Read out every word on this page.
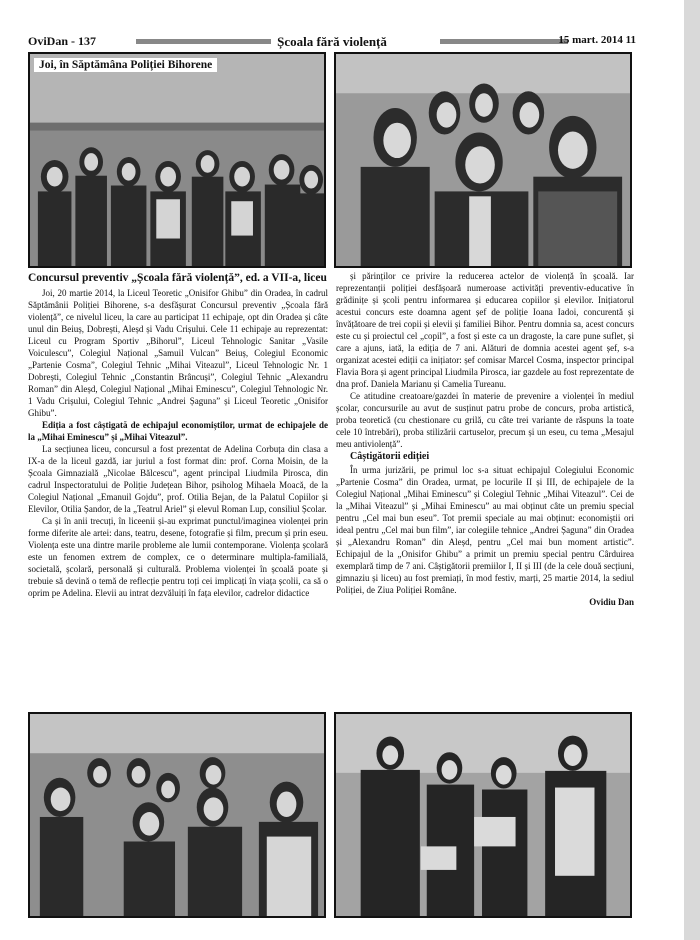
OviDan - 137	Școala fără violență	15 mart. 2014 11
Joi, în Săptămâna Poliției Bihorene
Concursul preventiv „Școala fără violență”, ed. a VII-a, liceu

Joi, 20 martie 2014, la Liceul Teoretic „Onisifor Ghibu” din Oradea, în cadrul Săptămânii Poliției Bihorene, s-a desfășurat Concursul preventiv „Școala fără violență”, ce nivelul liceu, la care au participat 11 echipaje, opt din Oradea și câte unul din Beiuș, Dobrești, Aleșd și Vadu Crișului. Cele 11 echipaje au reprezentat: Liceul cu Program Sportiv „Bihorul”, Liceul Tehnologic Sanitar „Vasile Voiculescu”, Colegiul Național „Samuil Vulcan” Beiuș, Colegiul Economic „Partenie Cosma”, Colegiul Tehnic „Mihai Viteazul”, Liceul Tehnologic Nr. 1 Dobrești, Colegiul Tehnic „Constantin Brâncuși”, Colegiul Tehnic „Alexandru Roman” din Aleșd, Colegiul Național „Mihai Eminescu”, Colegiul Tehnologic Nr. 1 Vadu Crișului, Colegiul Tehnic „Andrei Șaguna” și Liceul Teoretic „Onisifor Ghibu”.

Ediția a fost câștigată de echipajul economiștilor, urmat de echipajele de la „Mihai Eminescu” și „Mihai Viteazul”.

La secțiunea liceu, concursul a fost prezentat de Adelina Corbuța din clasa a IX-a de la liceul gazdă, iar juriul a fost format din: prof. Corna Moisin, de la Școala Gimnazială „Nicolae Bălcescu”, agent principal Liudmila Pirosca, din cadrul Inspectoratului de Poliție Județean Bihor, psiholog Mihaela Moacă, de la Colegiul Național „Emanuil Gojdu”, prof. Otilia Bejan, de la Palatul Copiilor și Elevilor, Otilia Șandor, de la „Teatrul Ariel” și elevul Roman Lup, consiliul Școlar.

Ca și în anii trecuți, în liceenii și-au exprimat punctul/imaginea violenței prin forme diferite ale artei: dans, teatru, desene, fotografie și film, precum și prin eseu. Violența este una dintre marile probleme ale lumii contemporane. Violența școlară este un fenomen extrem de complex, ce o determinare multipla-familială, societală, școlară, personală și culturală. Problema violenței în școală poate și trebuie să devină o temă de reflecție pentru toți cei implicați în viața școlii, ca să o oprim pe Adelina. Elevii au intrat dezvăluiți în fața elevilor, cadrelor didactice

și părinților ce privire la reducerea actelor de violență în școală. Iar reprezentanții poliției desfășoară numeroase activități preventiv-educative în grădinițe și școli pentru informarea și educarea copiilor și elevilor. Inițiatorul acestui concurs este doamna agent șef de poliție Ioana Iadoi, concurentă și învățătoare de trei copii și elevii și familiei Bihor. Pentru domnia sa, acest concurs este cu și proiectul cel „copil”, a fost și este ca un dragoste, la care pune suflet, și care a ajuns, iată, la ediția de 7 ani. Alături de domnia acestei agent șef, s-a organizat acestei ediții ca inițiator: șef comisar Marcel Cosma, inspector principal Flavia Bora și agent principal Liudmila Pirosca, iar gazdele au fost reprezentate de dna prof. Daniela Marianu și Camelia Tureanu.

Ce atitudine creatoare/gazdei în materie de prevenire a violenței în mediul școlar, concursurile au avut de susținut patru probe de concurs, proba artistică, proba teoretică (cu chestionare cu grilă, cu câte trei variante de răspuns la toate cele 10 întrebări), proba stilizării cartuselor, precum și un eseu, cu tema „Mesajul meu antiviolență”.

Câștigătorii ediției

În urma jurizării, pe primul loc s-a situat echipajul Colegiului Economic „Partenie Cosma” din Oradea, urmat, pe locurile II și III, de echipajele de la Colegiul Național „Mihai Eminescu” și Colegiul Tehnic „Mihai Viteazul”. Cei de la „Mihai Viteazul” și „Mihai Eminescu” au mai obținut câte un premiu special pentru „Cel mai bun eseu”. Tot premii speciale au mai obținut: economiștii ori ideal pentru „Cel mai bun film”, iar colegiile tehnice „Andrei Șaguna” din Oradea și „Alexandru Roman” din Aleșd, pentru „Cel mai bun moment artistic”. Echipajul de la „Onisifor Ghibu” a primit un premiu special pentru Cârduirea exemplară timp de 7 ani. Câștigătorii premiilor I, II și III (de la cele două secțiuni, gimnaziu și liceu) au fost premiați, în mod festiv, marți, 25 martie 2014, la sediul Poliției, de Ziua Poliției Române.

Ovidiu Dan
